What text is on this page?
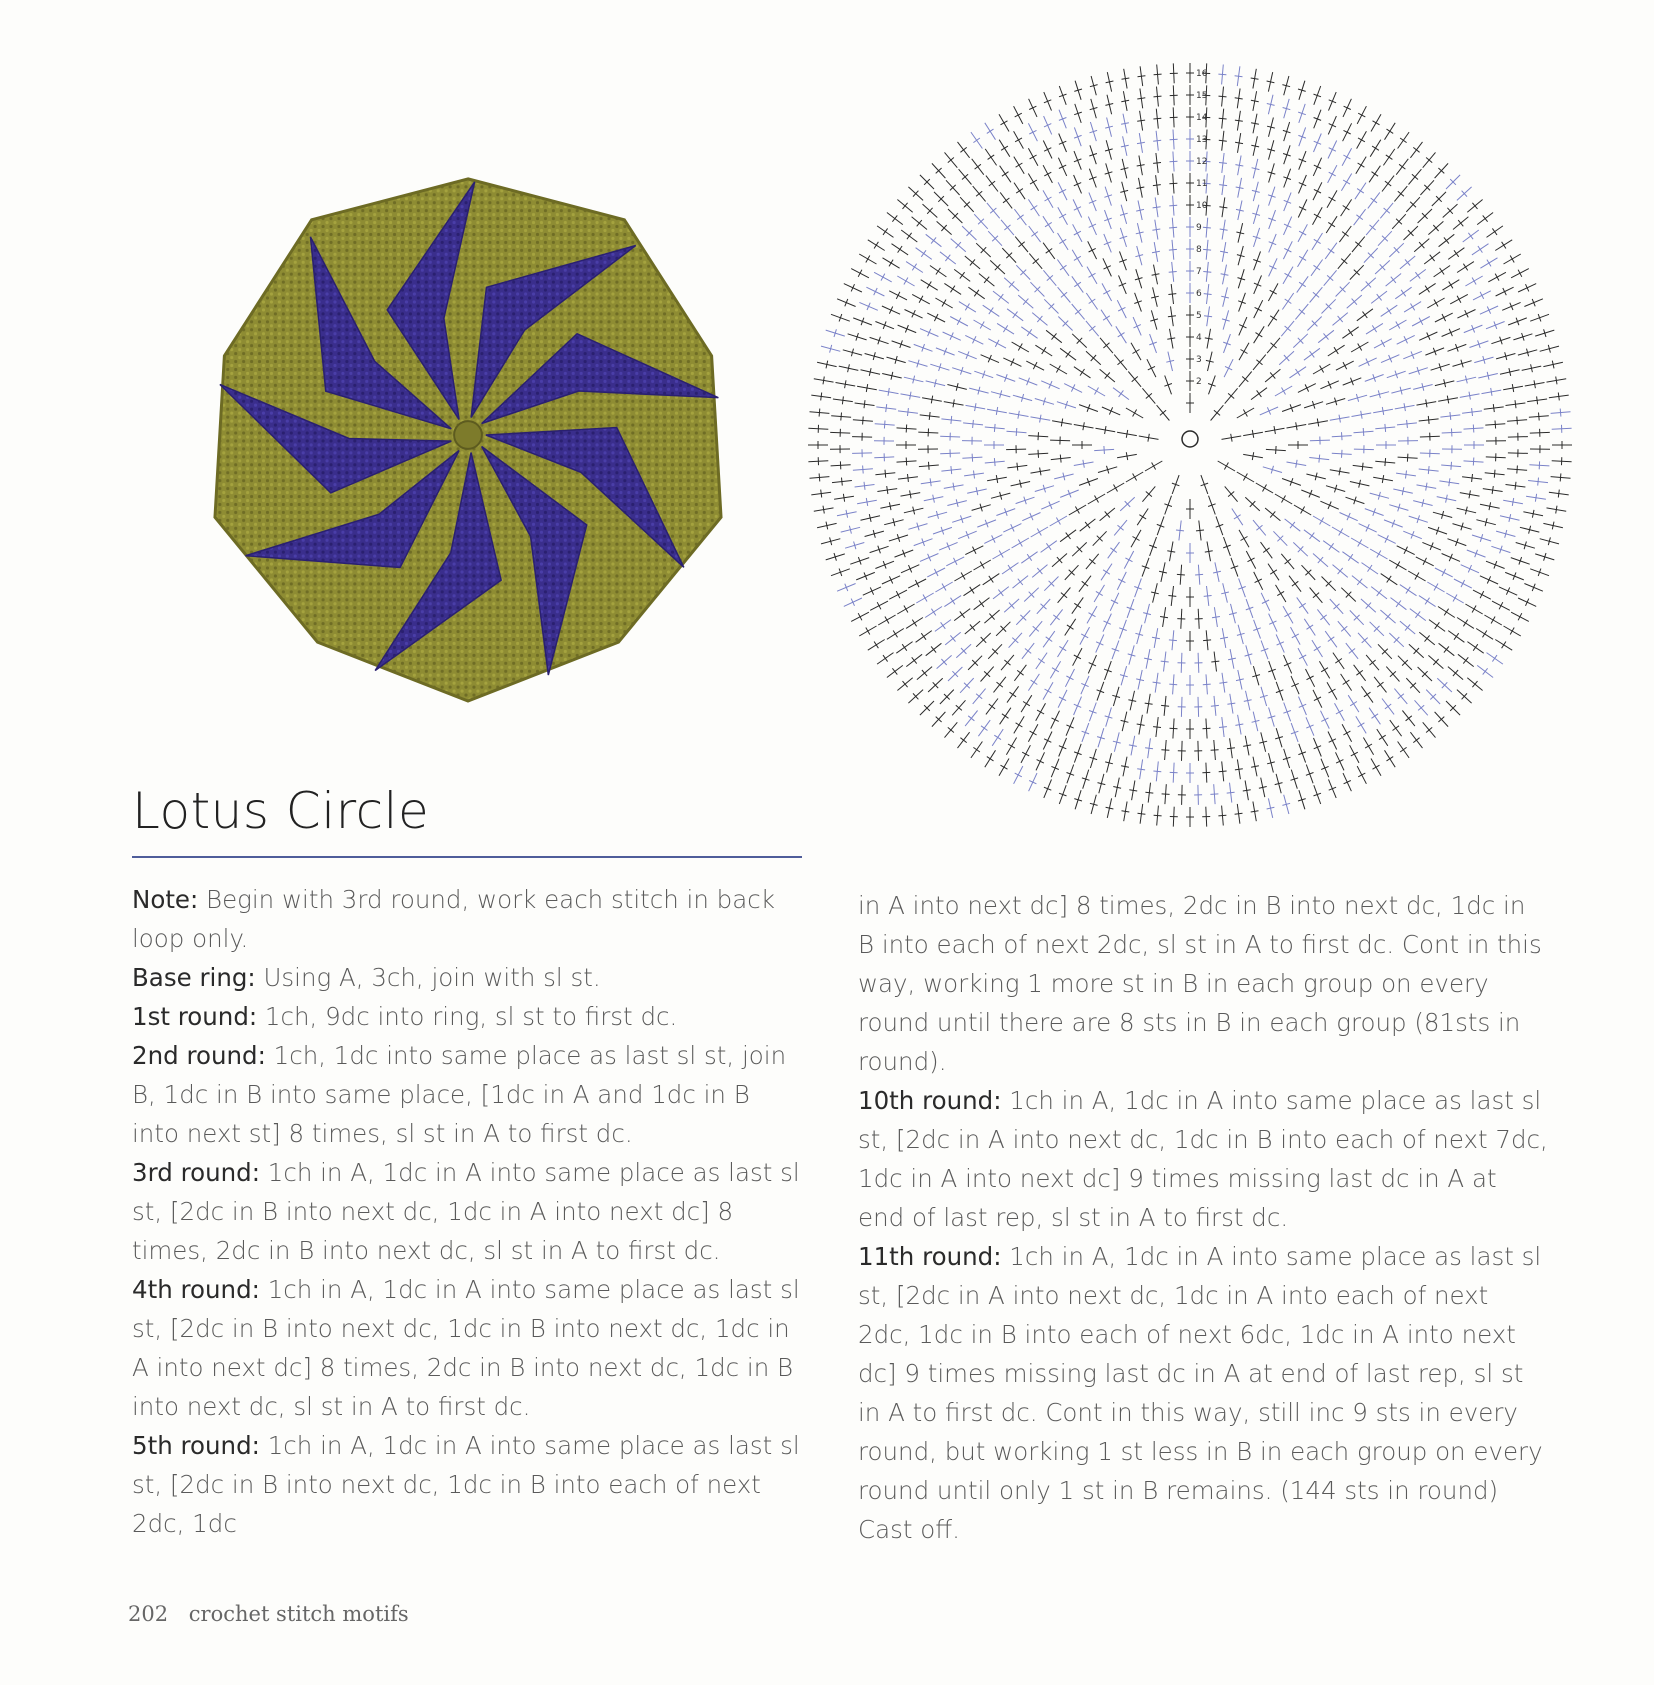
16
15
14
13
12
11
10
9
8
7
6
5
4
3
2
Lotus Circle

Note: Begin with 3rd round, work each stitch in back loop only.

Base ring: Using A, 3ch, join with sl st.

1st round: 1ch, 9dc into ring, sl st to first dc.

2nd round: 1ch, 1dc into same place as last sl st, join B, 1dc in B into same place, [1dc in A and 1dc in B into next st] 8 times, sl st in A to first dc.

3rd round: 1ch in A, 1dc in A into same place as last sl st, [2dc in B into next dc, 1dc in A into next dc] 8 times, 2dc in B into next dc, sl st in A to first dc.

4th round: 1ch in A, 1dc in A into same place as last sl st, [2dc in B into next dc, 1dc in B into next dc, 1dc in A into next dc] 8 times, 2dc in B into next dc, 1dc in B into next dc, sl st in A to first dc.

5th round: 1ch in A, 1dc in A into same place as last sl st, [2dc in B into next dc, 1dc in B into each of next 2dc, 1dc

in A into next dc] 8 times, 2dc in B into next dc, 1dc in B into each of next 2dc, sl st in A to first dc. Cont in this way, working 1 more st in B in each group on every round until there are 8 sts in B in each group (81sts in round).

10th round: 1ch in A, 1dc in A into same place as last sl st, [2dc in A into next dc, 1dc in B into each of next 7dc, 1dc in A into next dc] 9 times missing last dc in A at end of last rep, sl st in A to first dc.

11th round: 1ch in A, 1dc in A into same place as last sl st, [2dc in A into next dc, 1dc in A into each of next 2dc, 1dc in B into each of next 6dc, 1dc in A into next dc] 9 times missing last dc in A at end of last rep, sl st in A to first dc. Cont in this way, still inc 9 sts in every round, but working 1 st less in B in each group on every round until only 1 st in B remains. (144 sts in round)

Cast off.

202 crochet stitch motifs
